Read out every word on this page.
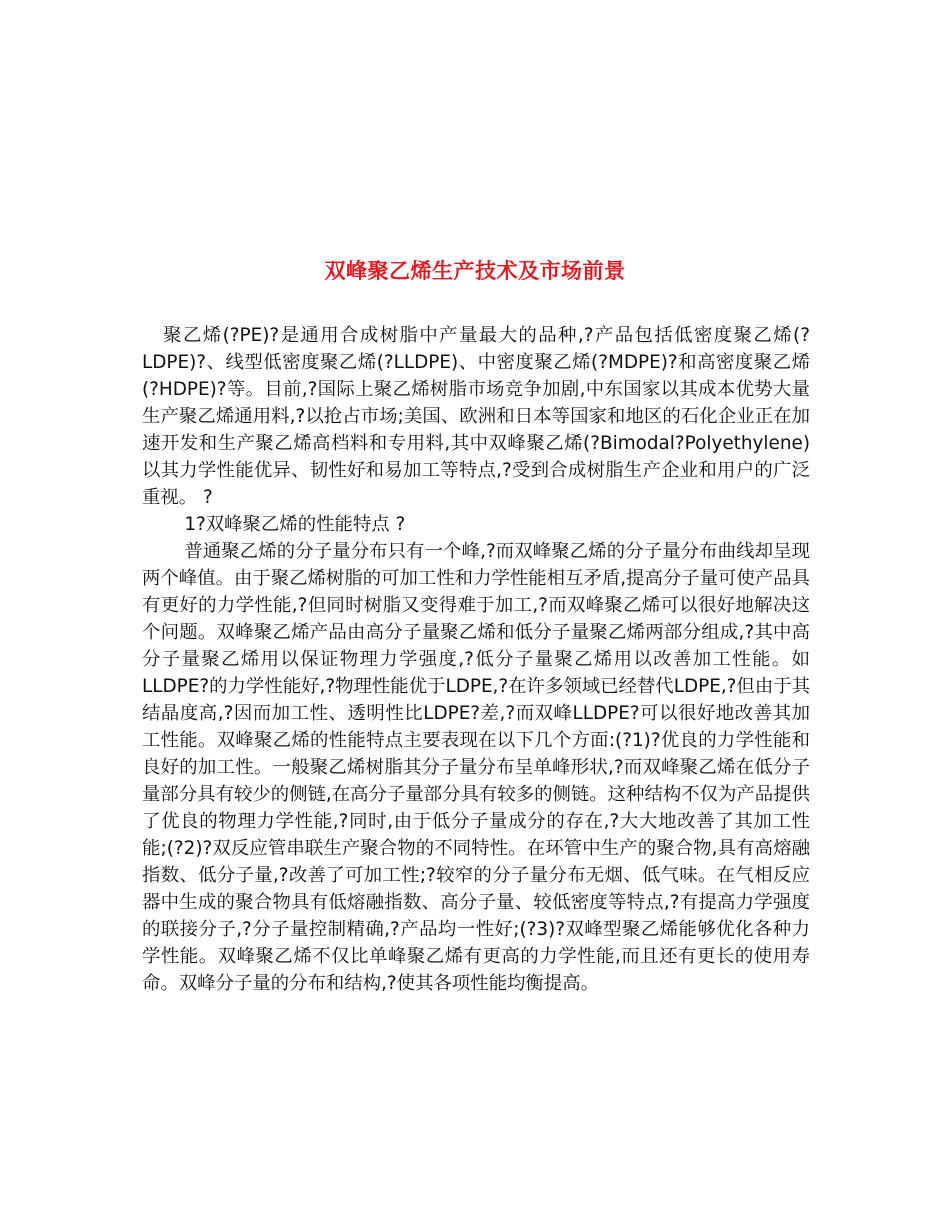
双峰聚乙烯生产技术及市场前景

聚乙烯(?PE)?是通用合成树脂中产量最大的品种,?产品包括低密度聚乙烯(?LDPE)?、线型低密度聚乙烯(?LLDPE)、中密度聚乙烯(?MDPE)?和高密度聚乙烯(?HDPE)?等。目前,?国际上聚乙烯树脂市场竞争加剧,中东国家以其成本优势大量生产聚乙烯通用料,?以抢占市场;美国、欧洲和日本等国家和地区的石化企业正在加速开发和生产聚乙烯高档料和专用料,其中双峰聚乙烯(?Bimodal?Polyethylene)以其力学性能优异、韧性好和易加工等特点,?受到合成树脂生产企业和用户的广泛重视。 ?

1?双峰聚乙烯的性能特点 ?

普通聚乙烯的分子量分布只有一个峰,?而双峰聚乙烯的分子量分布曲线却呈现两个峰值。由于聚乙烯树脂的可加工性和力学性能相互矛盾,提高分子量可使产品具有更好的力学性能,?但同时树脂又变得难于加工,?而双峰聚乙烯可以很好地解决这个问题。双峰聚乙烯产品由高分子量聚乙烯和低分子量聚乙烯两部分组成,?其中高分子量聚乙烯用以保证物理力学强度,?低分子量聚乙烯用以改善加工性能。如LLDPE?的力学性能好,?物理性能优于LDPE,?在许多领域已经替代LDPE,?但由于其结晶度高,?因而加工性、透明性比LDPE?差,?而双峰LLDPE?可以很好地改善其加工性能。双峰聚乙烯的性能特点主要表现在以下几个方面:(?1)?优良的力学性能和良好的加工性。一般聚乙烯树脂其分子量分布呈单峰形状,?而双峰聚乙烯在低分子量部分具有较少的侧链,在高分子量部分具有较多的侧链。这种结构不仅为产品提供了优良的物理力学性能,?同时,由于低分子量成分的存在,?大大地改善了其加工性能;(?2)?双反应管串联生产聚合物的不同特性。在环管中生产的聚合物,具有高熔融指数、低分子量,?改善了可加工性;?较窄的分子量分布无烟、低气味。在气相反应器中生成的聚合物具有低熔融指数、高分子量、较低密度等特点,?有提高力学强度的联接分子,?分子量控制精确,?产品均一性好;(?3)?双峰型聚乙烯能够优化各种力学性能。双峰聚乙烯不仅比单峰聚乙烯有更高的力学性能,而且还有更长的使用寿命。双峰分子量的分布和结构,?使其各项性能均衡提高。
